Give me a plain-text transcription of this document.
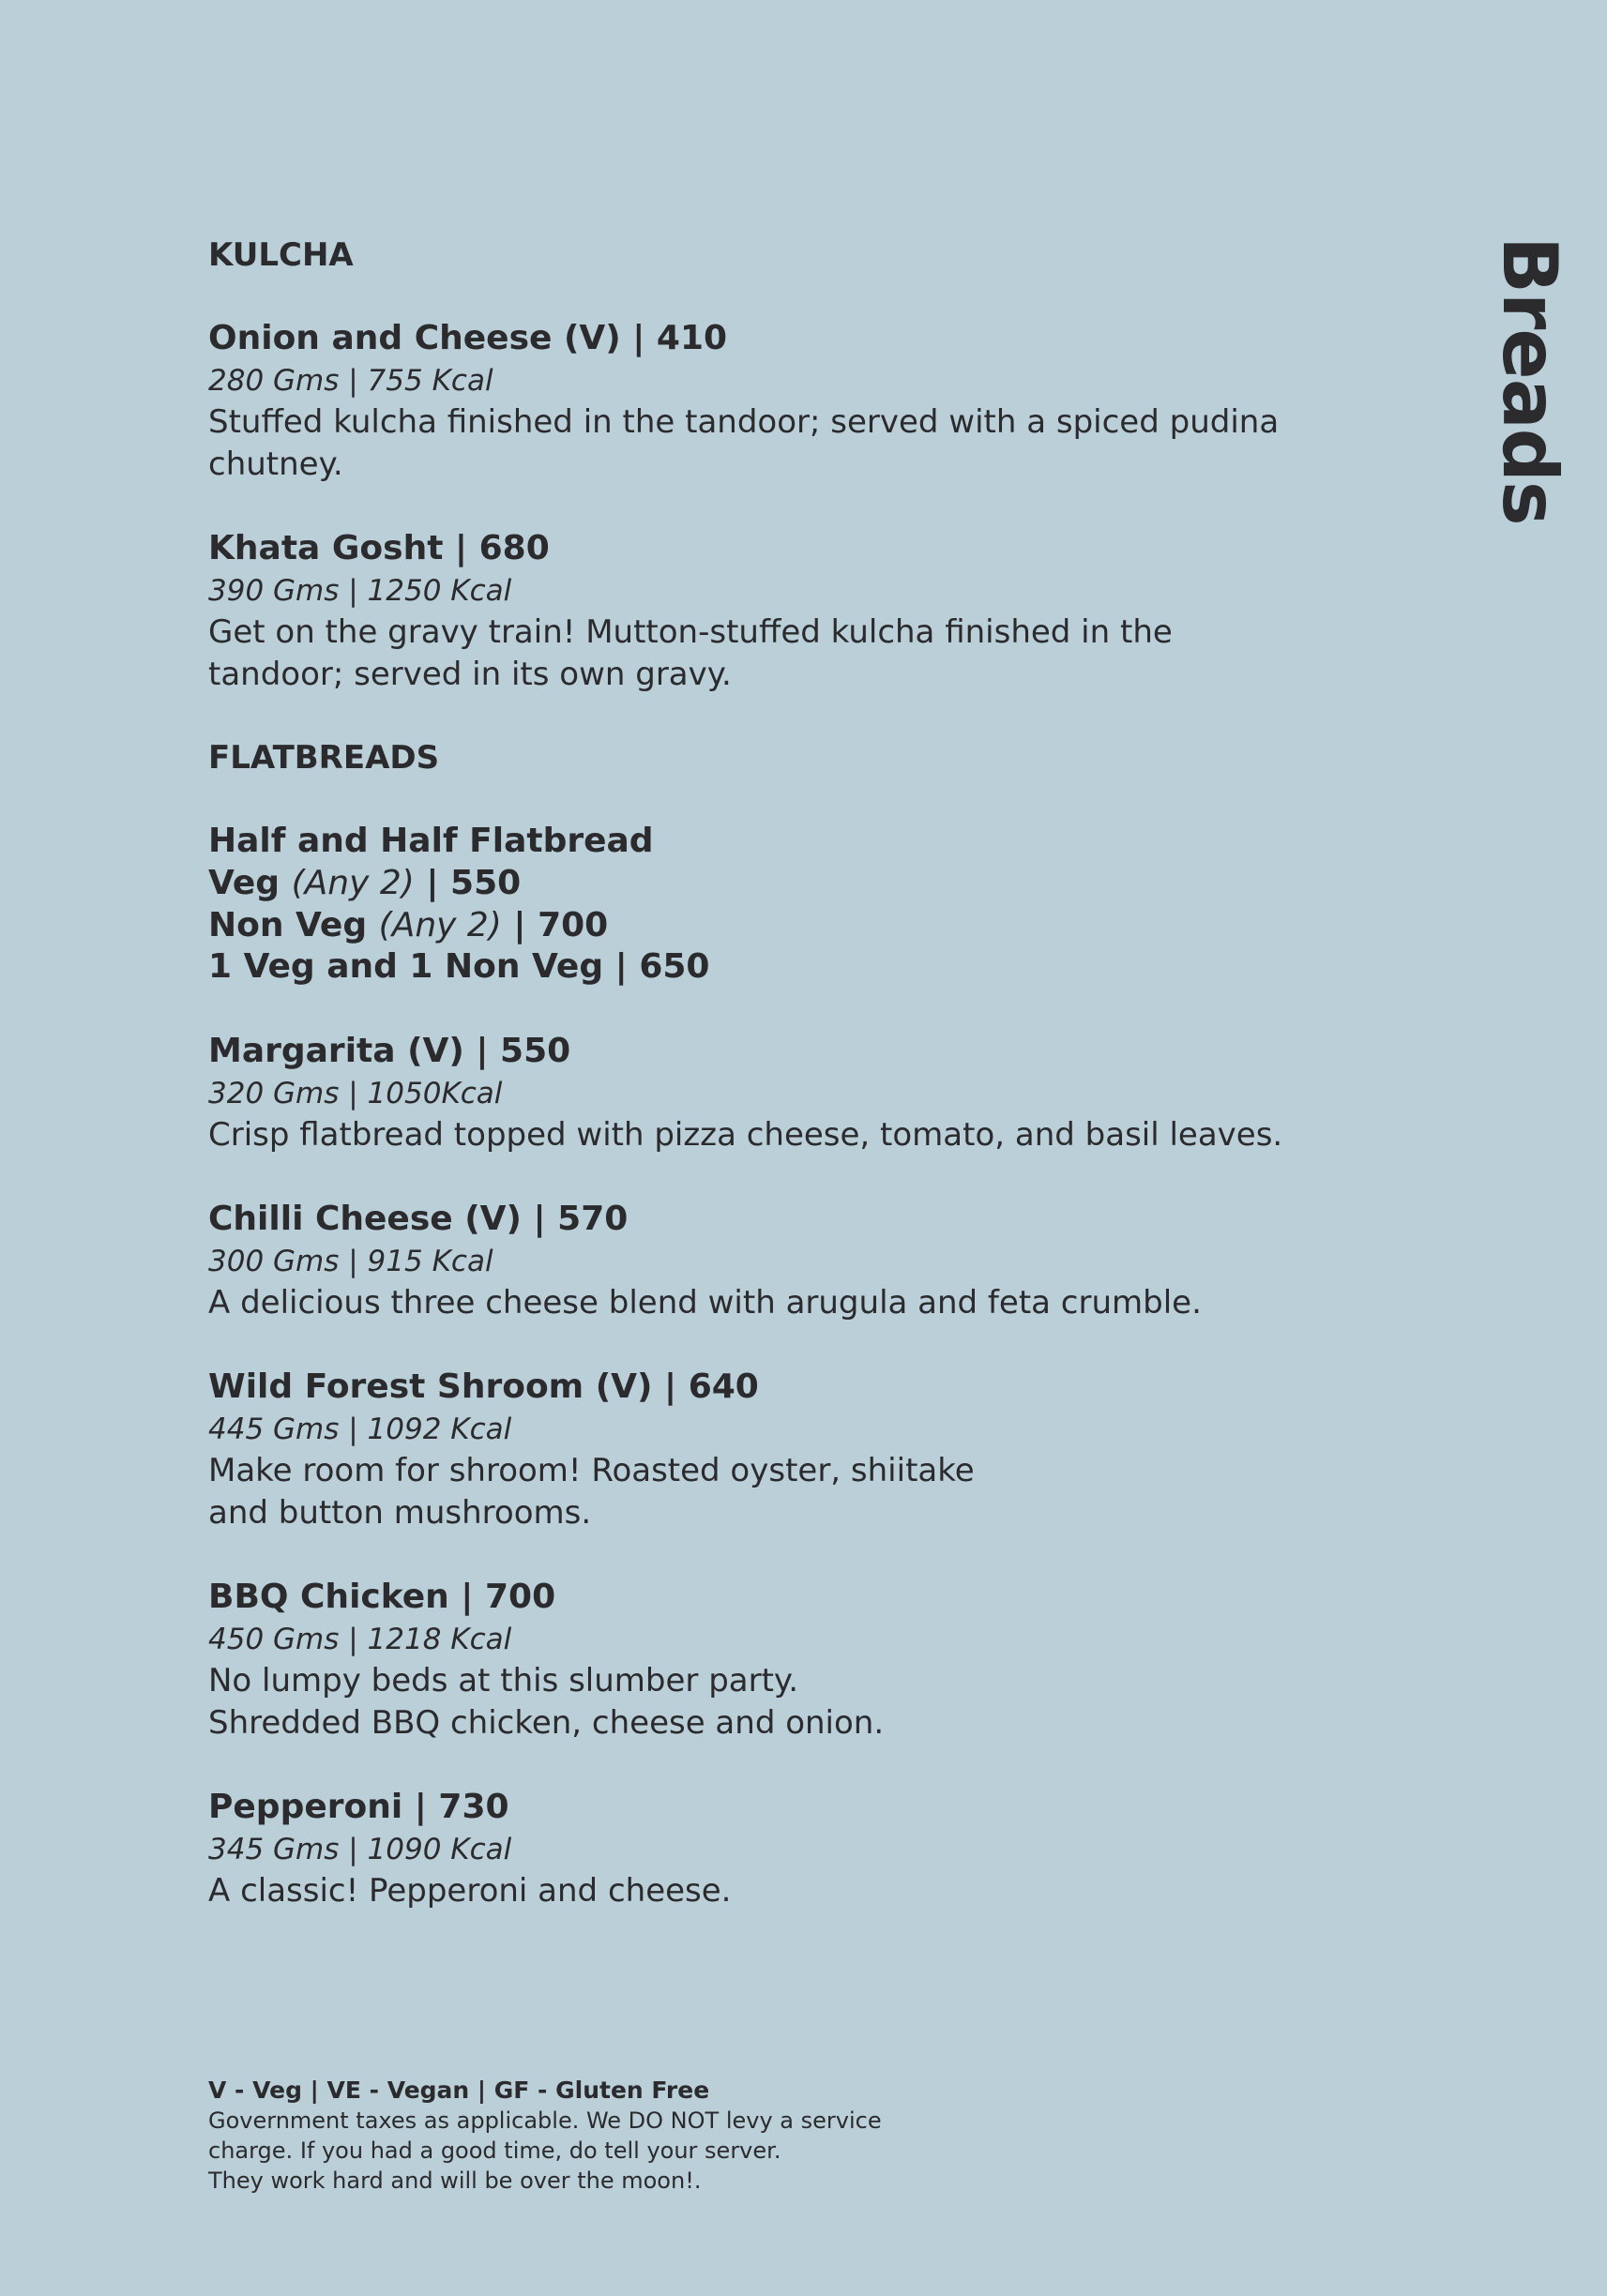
Breads
KULCHA
Onion and Cheese (V) | 410
280 Gms | 755 Kcal
Stuffed kulcha finished in the tandoor; served with a spiced pudina
chutney.
Khata Gosht | 680
390 Gms | 1250 Kcal
Get on the gravy train! Mutton-stuffed kulcha finished in the
tandoor; served in its own gravy.
FLATBREADS
Half and Half Flatbread
Veg (Any 2) | 550
Non Veg (Any 2) | 700
1 Veg and 1 Non Veg | 650
Margarita (V) | 550
320 Gms | 1050Kcal
Crisp flatbread topped with pizza cheese, tomato, and basil leaves.
Chilli Cheese (V) | 570
300 Gms | 915 Kcal
A delicious three cheese blend with arugula and feta crumble.
Wild Forest Shroom (V) | 640
445 Gms | 1092 Kcal
Make room for shroom! Roasted oyster, shiitake
and button mushrooms.
BBQ Chicken | 700
450 Gms | 1218 Kcal
No lumpy beds at this slumber party.
Shredded BBQ chicken, cheese and onion.
Pepperoni | 730
345 Gms | 1090 Kcal
A classic! Pepperoni and cheese.
V - Veg | VE - Vegan | GF - Gluten Free
Government taxes as applicable. We DO NOT levy a service
charge. If you had a good time, do tell your server.
They work hard and will be over the moon!.
